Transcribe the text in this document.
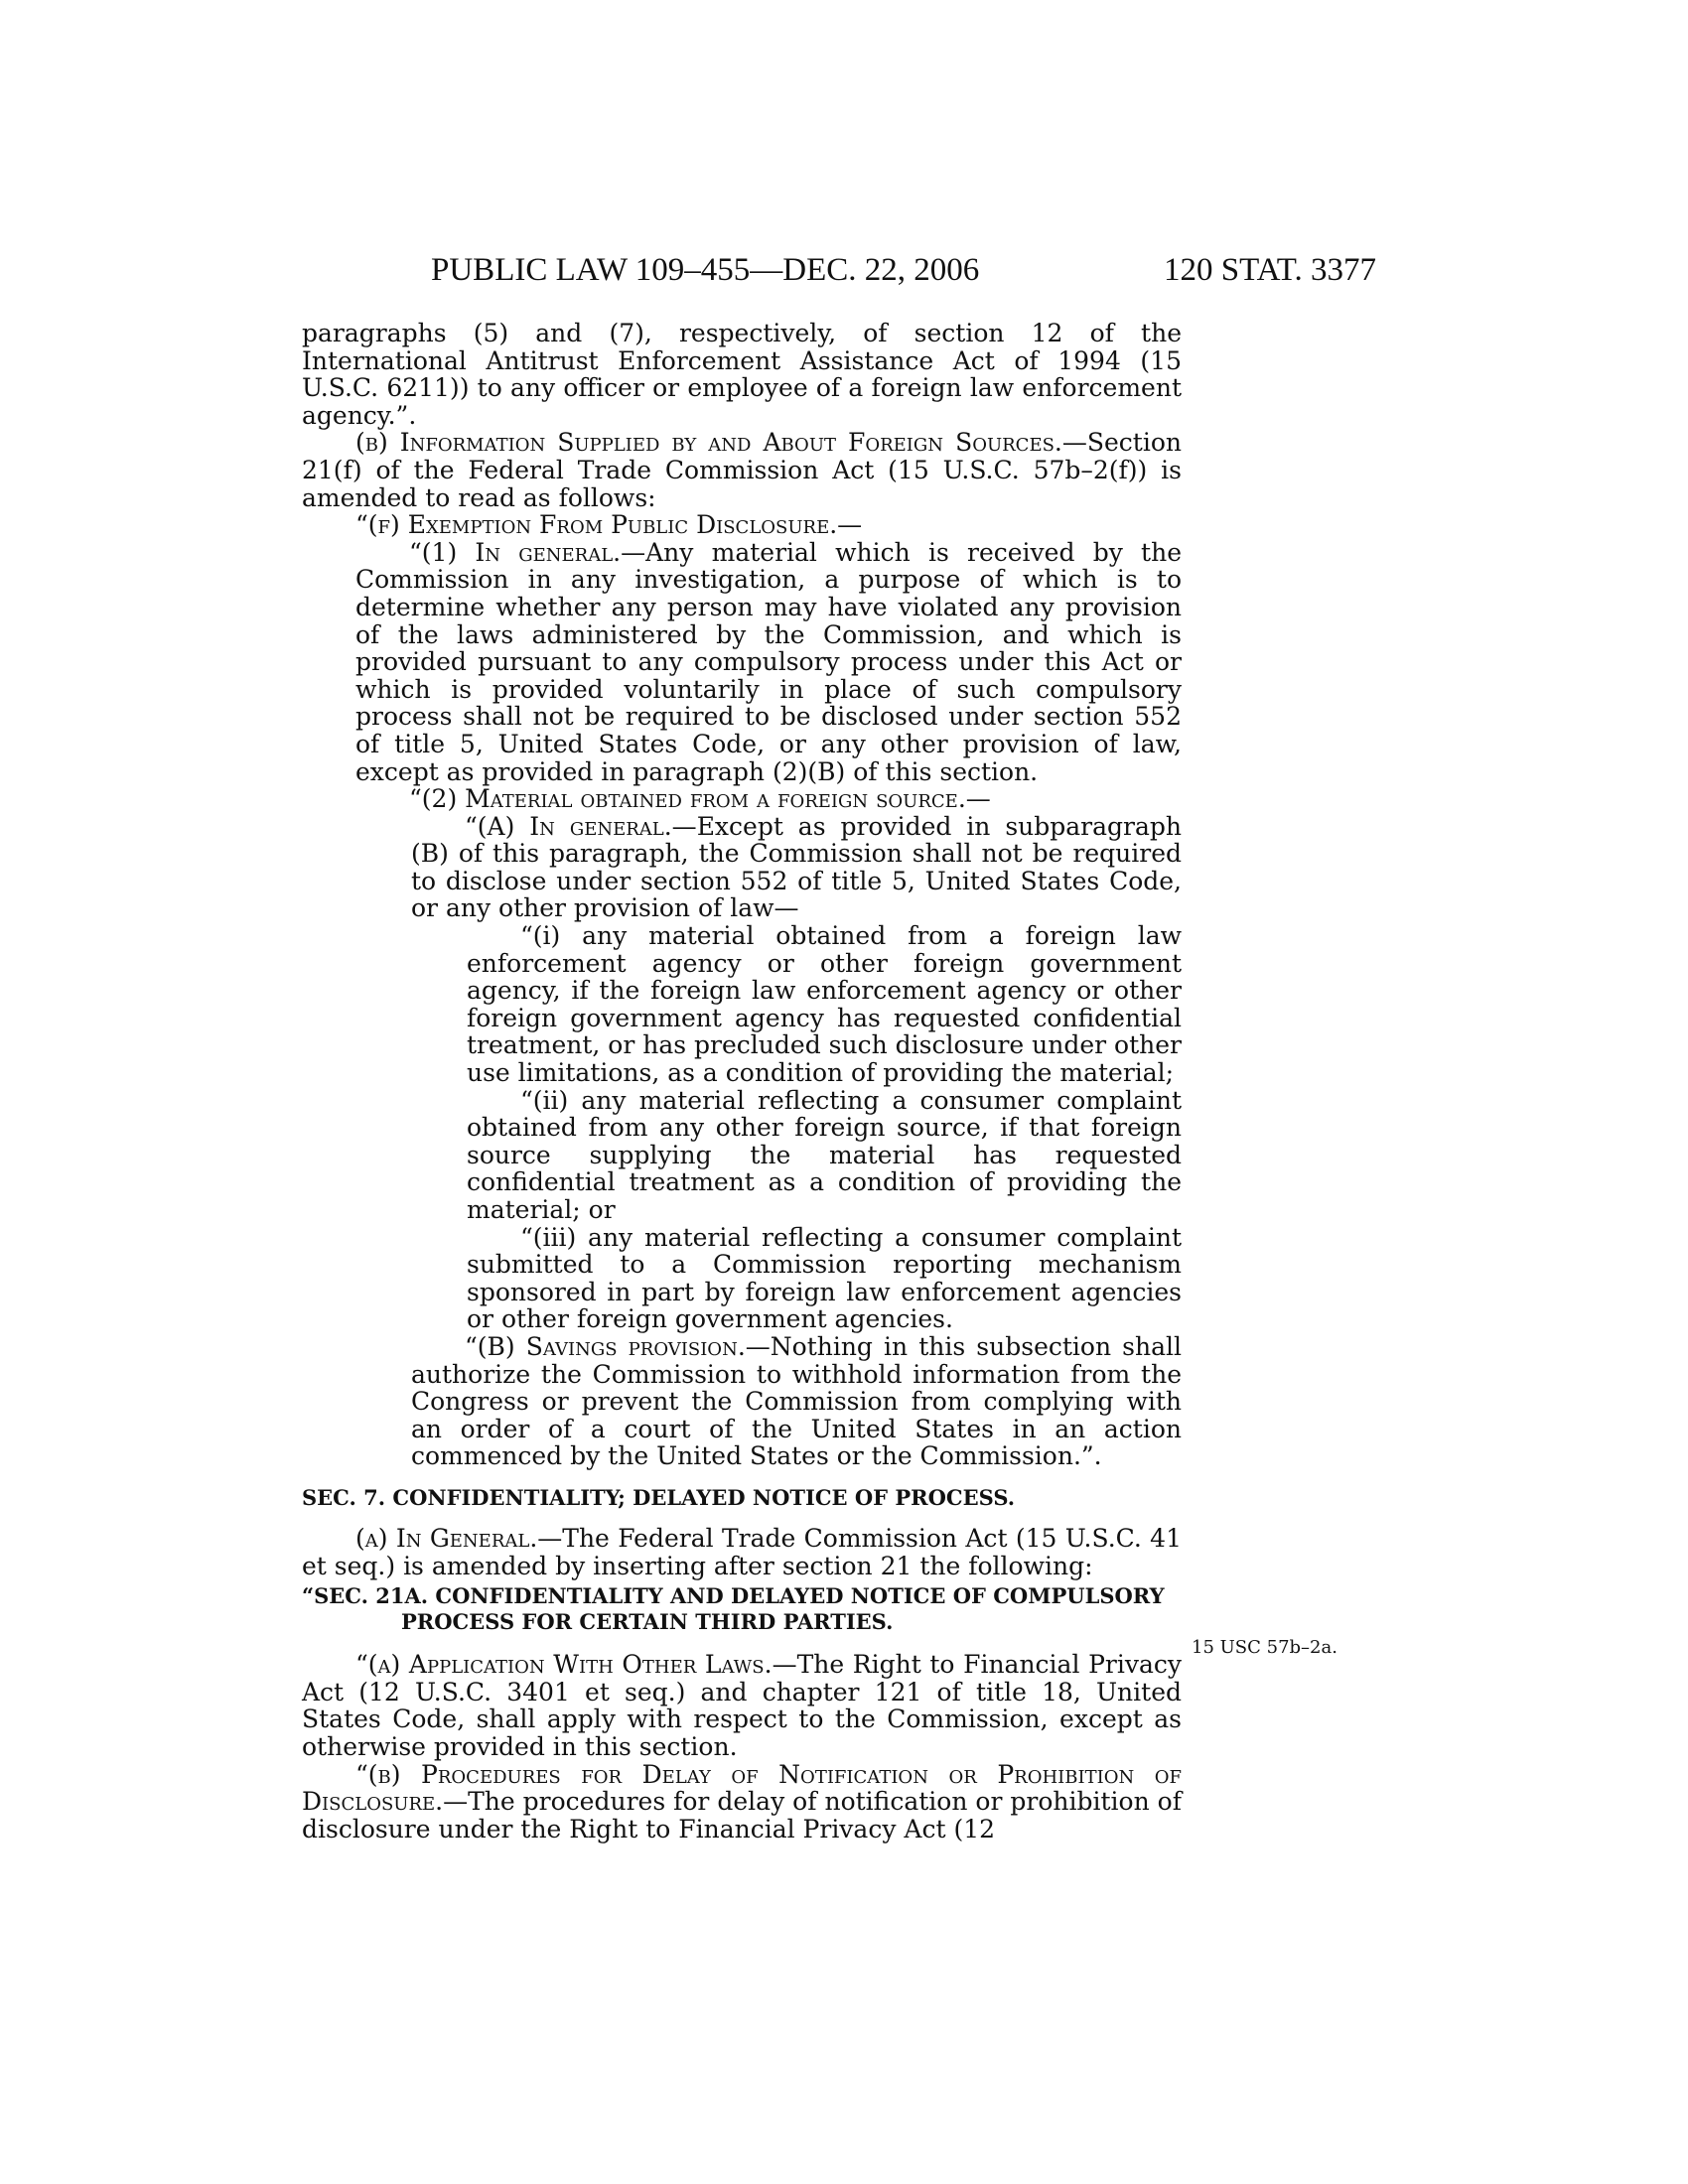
PUBLIC LAW 109–455—DEC. 22, 2006	120 STAT. 3377

paragraphs (5) and (7), respectively, of section 12 of the International Antitrust Enforcement Assistance Act of 1994 (15 U.S.C. 6211)) to any officer or employee of a foreign law enforcement agency.”.

(b) Information Supplied by and About Foreign Sources.—Section 21(f) of the Federal Trade Commission Act (15 U.S.C. 57b–2(f)) is amended to read as follows:

“(f) Exemption From Public Disclosure.—

“(1) In general.—Any material which is received by the Commission in any investigation, a purpose of which is to determine whether any person may have violated any provision of the laws administered by the Commission, and which is provided pursuant to any compulsory process under this Act or which is provided voluntarily in place of such compulsory process shall not be required to be disclosed under section 552 of title 5, United States Code, or any other provision of law, except as provided in paragraph (2)(B) of this section.

“(2) Material obtained from a foreign source.—

“(A) In general.—Except as provided in subparagraph (B) of this paragraph, the Commission shall not be required to disclose under section 552 of title 5, United States Code, or any other provision of law—

“(i) any material obtained from a foreign law enforcement agency or other foreign government agency, if the foreign law enforcement agency or other foreign government agency has requested confidential treatment, or has precluded such disclosure under other use limitations, as a condition of providing the material;

“(ii) any material reflecting a consumer complaint obtained from any other foreign source, if that foreign source supplying the material has requested confidential treatment as a condition of providing the material; or

“(iii) any material reflecting a consumer complaint submitted to a Commission reporting mechanism sponsored in part by foreign law enforcement agencies or other foreign government agencies.

“(B) Savings provision.—Nothing in this subsection shall authorize the Commission to withhold information from the Congress or prevent the Commission from complying with an order of a court of the United States in an action commenced by the United States or the Commission.”.

SEC. 7. CONFIDENTIALITY; DELAYED NOTICE OF PROCESS.

(a) In General.—The Federal Trade Commission Act (15 U.S.C. 41 et seq.) is amended by inserting after section 21 the following:

“SEC. 21A. CONFIDENTIALITY AND DELAYED NOTICE OF COMPULSORY
PROCESS FOR CERTAIN THIRD PARTIES.

“(a) Application With Other Laws.—The Right to Financial Privacy Act (12 U.S.C. 3401 et seq.) and chapter 121 of title 18, United States Code, shall apply with respect to the Commission, except as otherwise provided in this section.

“(b) Procedures for Delay of Notification or Prohibition of Disclosure.—The procedures for delay of notification or prohibition of disclosure under the Right to Financial Privacy Act (12

15 USC 57b–2a.
